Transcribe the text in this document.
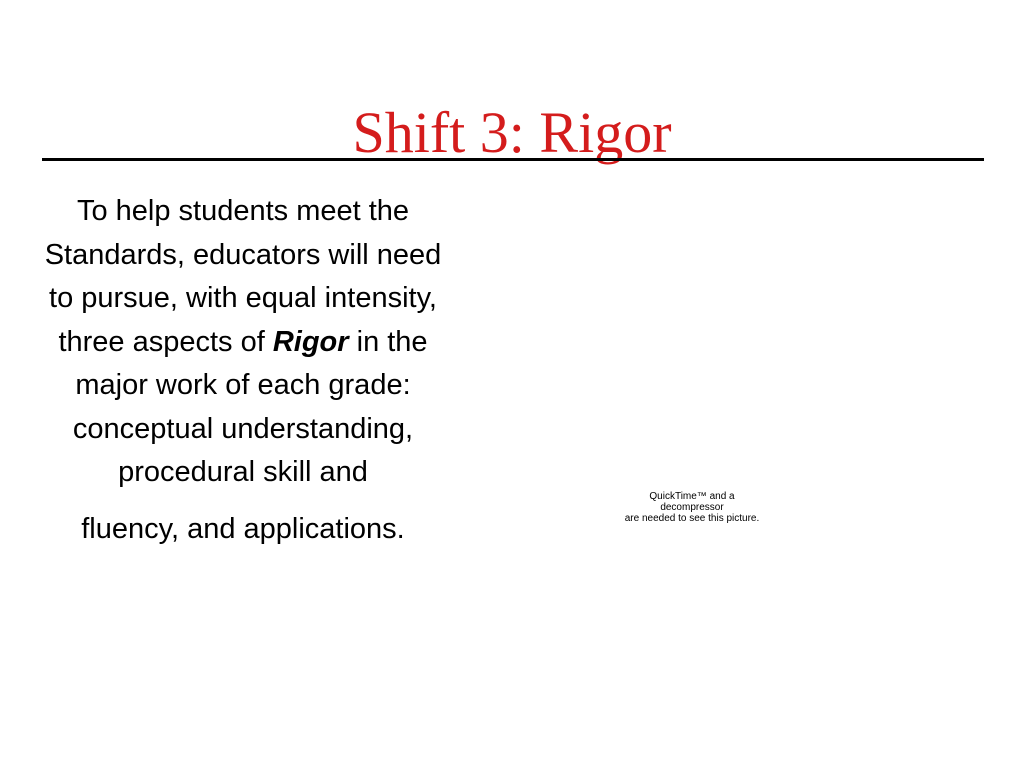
Shift 3: Rigor

To help students meet the Standards, educators will need to pursue, with equal intensity, three aspects of Rigor in the major work of each grade: conceptual understanding, procedural skill and

fluency, and applications.

QuickTime™ and a
decompressor
are needed to see this picture.
